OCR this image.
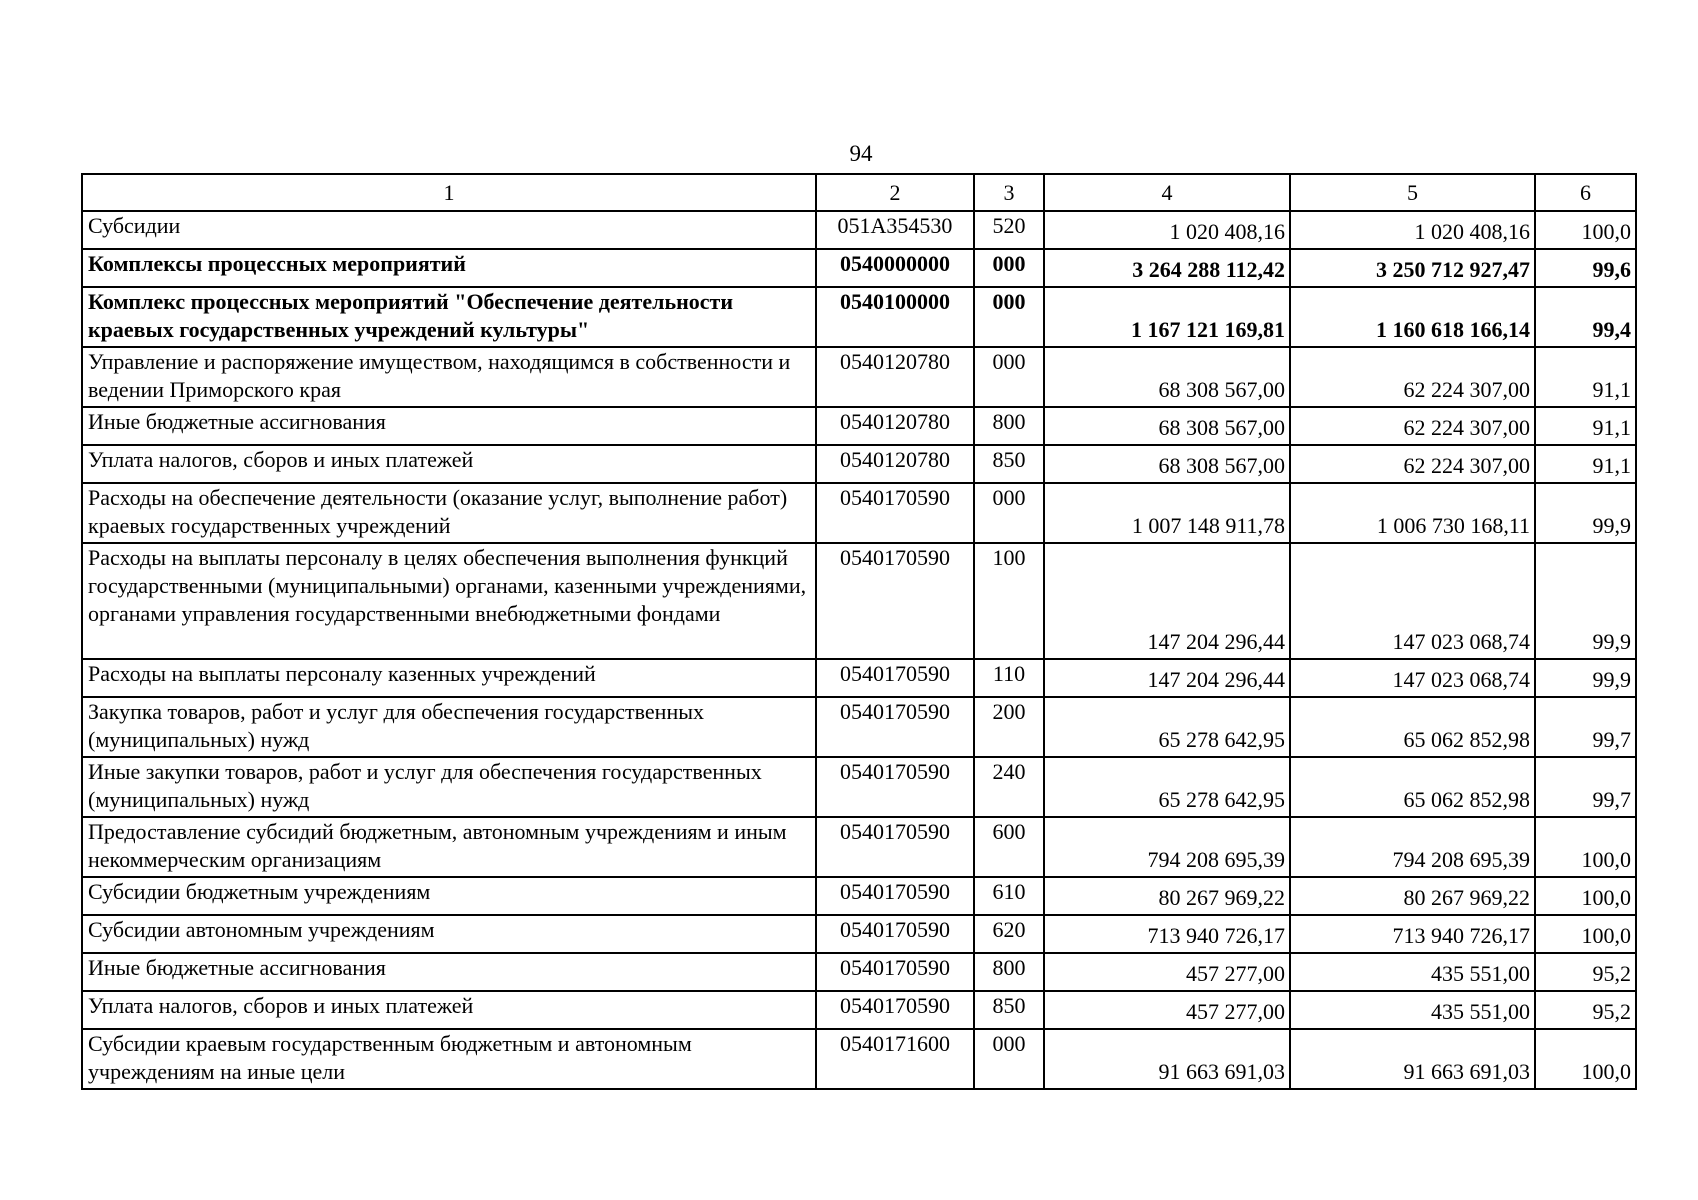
94
1	2	3	4	5	6
Субсидии	051A354530	520	1 020 408,16	1 020 408,16	100,0
Комплексы процессных мероприятий	0540000000	000	3 264 288 112,42	3 250 712 927,47	99,6
Комплекс процессных мероприятий "Обеспечение деятельности краевых государственных учреждений культуры"	0540100000	000	1 167 121 169,81	1 160 618 166,14	99,4
Управление и распоряжение имуществом, находящимся в собственности и ведении Приморского края	0540120780	000	68 308 567,00	62 224 307,00	91,1
Иные бюджетные ассигнования	0540120780	800	68 308 567,00	62 224 307,00	91,1
Уплата налогов, сборов и иных платежей	0540120780	850	68 308 567,00	62 224 307,00	91,1
Расходы на обеспечение деятельности (оказание услуг, выполнение работ) краевых государственных учреждений	0540170590	000	1 007 148 911,78	1 006 730 168,11	99,9
Расходы на выплаты персоналу в целях обеспечения выполнения функций государственными (муниципальными) органами, казенными учреждениями, органами управления государственными внебюджетными фондами	0540170590	100	147 204 296,44	147 023 068,74	99,9
Расходы на выплаты персоналу казенных учреждений	0540170590	110	147 204 296,44	147 023 068,74	99,9
Закупка товаров, работ и услуг для обеспечения государственных (муниципальных) нужд	0540170590	200	65 278 642,95	65 062 852,98	99,7
Иные закупки товаров, работ и услуг для обеспечения государственных (муниципальных) нужд	0540170590	240	65 278 642,95	65 062 852,98	99,7
Предоставление субсидий бюджетным, автономным учреждениям и иным некоммерческим организациям	0540170590	600	794 208 695,39	794 208 695,39	100,0
Субсидии бюджетным учреждениям	0540170590	610	80 267 969,22	80 267 969,22	100,0
Субсидии автономным учреждениям	0540170590	620	713 940 726,17	713 940 726,17	100,0
Иные бюджетные ассигнования	0540170590	800	457 277,00	435 551,00	95,2
Уплата налогов, сборов и иных платежей	0540170590	850	457 277,00	435 551,00	95,2
Субсидии краевым государственным бюджетным и автономным учреждениям на иные цели	0540171600	000	91 663 691,03	91 663 691,03	100,0
